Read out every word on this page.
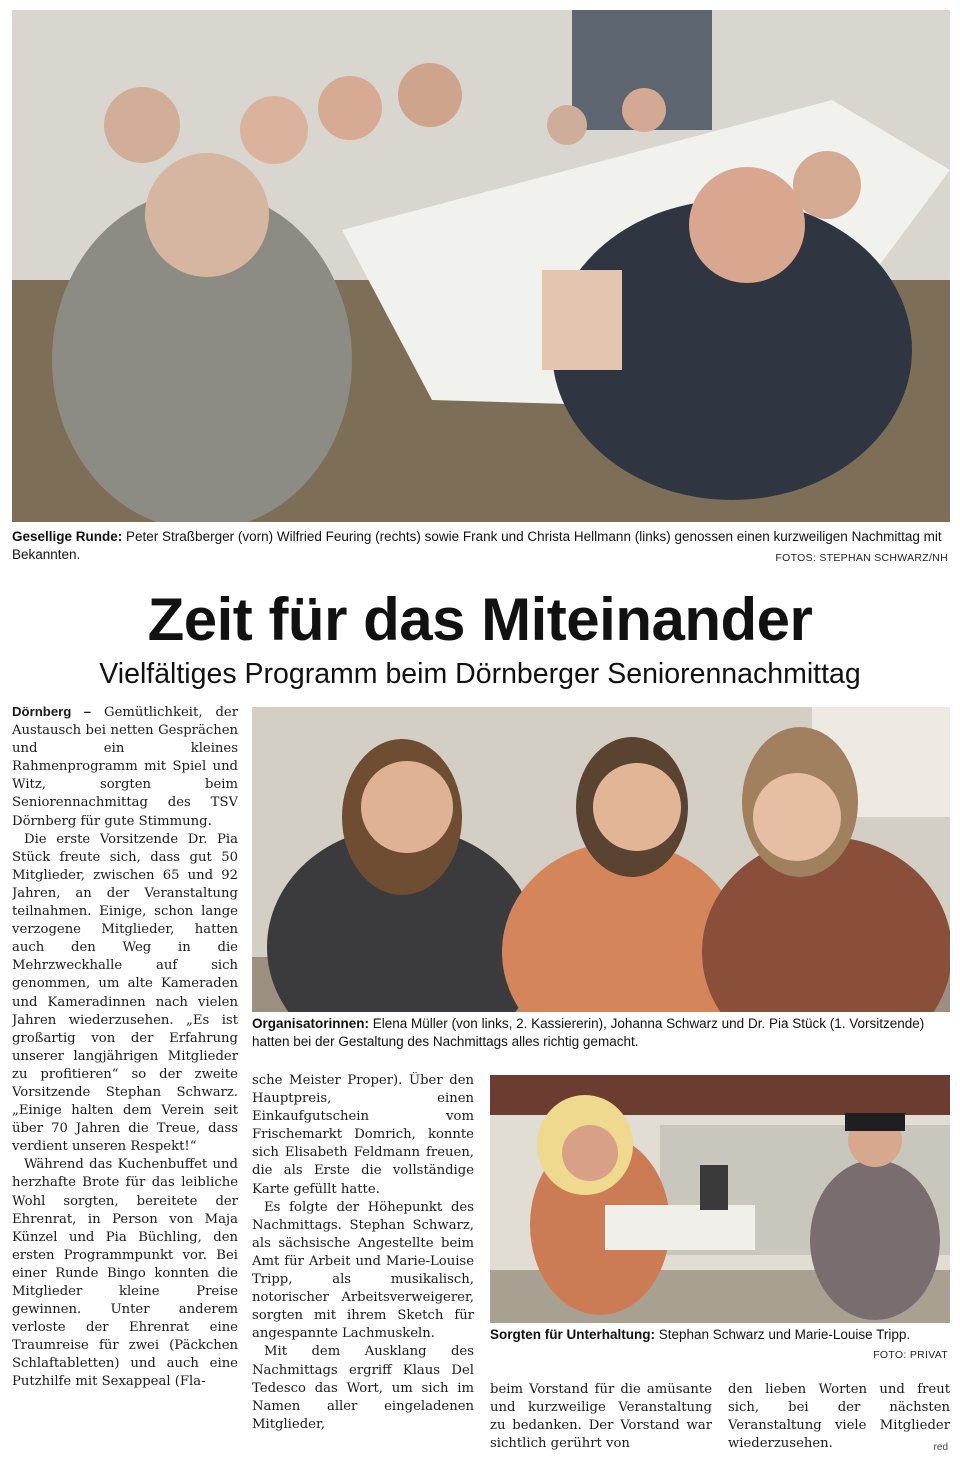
Gesellige Runde: Peter Straßberger (vorn) Wilfried Feuring (rechts) sowie Frank und Christa Hellmann (links) genossen einen kurzweiligen Nachmittag mit Bekannten.	FOTOS: STEPHAN SCHWARZ/NH
Zeit für das Miteinander
Vielfältiges Programm beim Dörnberger Seniorennachmittag

Dörnberg – Gemütlichkeit, der Austausch bei netten Gesprächen und ein kleines Rahmenprogramm mit Spiel und Witz, sorgten beim Seniorennachmittag des TSV Dörnberg für gute Stimmung.

Die erste Vorsitzende Dr. Pia Stück freute sich, dass gut 50 Mitglieder, zwischen 65 und 92 Jahren, an der Veranstaltung teilnahmen. Einige, schon lange verzogene Mitglieder, hatten auch den Weg in die Mehrzweckhalle auf sich genommen, um alte Kameraden und Kameradinnen nach vielen Jahren wiederzusehen. „Es ist großartig von der Erfahrung unserer langjährigen Mitglieder zu profitieren“ so der zweite Vorsitzende Stephan Schwarz. „Einige halten dem Verein seit über 70 Jahren die Treue, dass verdient unseren Respekt!“

Während das Kuchenbuffet und herzhafte Brote für das leibliche Wohl sorgten, bereitete der Ehrenrat, in Person von Maja Künzel und Pia Büchling, den ersten Programmpunkt vor. Bei einer Runde Bingo konnten die Mitglieder kleine Preise gewinnen. Unter anderem verloste der Ehrenrat eine Traumreise für zwei (Päckchen Schlaftabletten) und auch eine Putzhilfe mit Sexappeal (Fla-

Organisatorinnen: Elena Müller (von links, 2. Kassiererin), Johanna Schwarz und Dr. Pia Stück (1. Vorsitzende) hatten bei der Gestaltung des Nachmittags alles richtig gemacht.

sche Meister Proper). Über den Hauptpreis, einen Einkaufgutschein vom Frischemarkt Domrich, konnte sich Elisabeth Feldmann freuen, die als Erste die vollständige Karte gefüllt hatte.

Es folgte der Höhepunkt des Nachmittags. Stephan Schwarz, als sächsische Angestellte beim Amt für Arbeit und Marie-Louise Tripp, als musikalisch, notorischer Arbeitsverweigerer, sorgten mit ihrem Sketch für angespannte Lachmuskeln.

Mit dem Ausklang des Nachmittags ergriff Klaus Del Tedesco das Wort, um sich im Namen aller eingeladenen Mitglieder,

Sorgten für Unterhaltung: Stephan Schwarz und Marie-Louise Tripp.
FOTO: PRIVAT

beim Vorstand für die amüsante und kurzweilige Veranstaltung zu bedanken. Der Vorstand war sichtlich gerührt von

den lieben Worten und freut sich, bei der nächsten Veranstaltung viele Mitglieder wiederzusehen.	red
